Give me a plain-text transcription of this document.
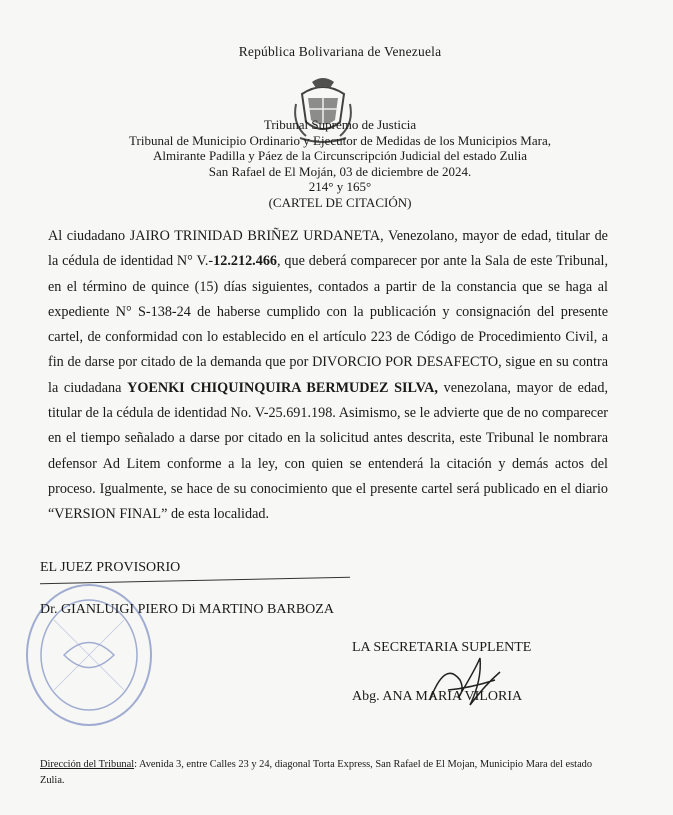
República Bolivariana de Venezuela
Tribunal Supremo de Justicia
Tribunal de Municipio Ordinario y Ejecutor de Medidas de los Municipios Mara,
Almirante Padilla y Páez de la Circunscripción Judicial del estado Zulia
San Rafael de El Moján, 03 de diciembre de 2024.
214° y 165°
(CARTEL DE CITACIÓN)
Al ciudadano JAIRO TRINIDAD BRIÑEZ URDANETA, Venezolano, mayor de edad, titular de la cédula de identidad N° V.-12.212.466, que deberá comparecer por ante la Sala de este Tribunal, en el término de quince (15) días siguientes, contados a partir de la constancia que se haga al expediente N° S-138-24 de haberse cumplido con la publicación y consignación del presente cartel, de conformidad con lo establecido en el artículo 223 de Código de Procedimiento Civil, a fin de darse por citado de la demanda que por DIVORCIO POR DESAFECTO, sigue en su contra la ciudadana YOENKI CHIQUINQUIRA BERMUDEZ SILVA, venezolana, mayor de edad, titular de la cédula de identidad No. V-25.691.198. Asimismo, se le advierte que de no comparecer en el tiempo señalado a darse por citado en la solicitud antes descrita, este Tribunal le nombrara defensor Ad Litem conforme a la ley, con quien se entenderá la citación y demás actos del proceso. Igualmente, se hace de su conocimiento que el presente cartel será publicado en el diario “VERSION FINAL” de esta localidad.
EL JUEZ PROVISORIO
Dr. GIANLUIGI PIERO Di MARTINO BARBOZA
LA SECRETARIA SUPLENTE
Abg. ANA MARIA VILORIA
Dirección del Tribunal: Avenida 3, entre Calles 23 y 24, diagonal Torta Express, San Rafael de El Mojan, Municipio Mara del estado Zulia.
